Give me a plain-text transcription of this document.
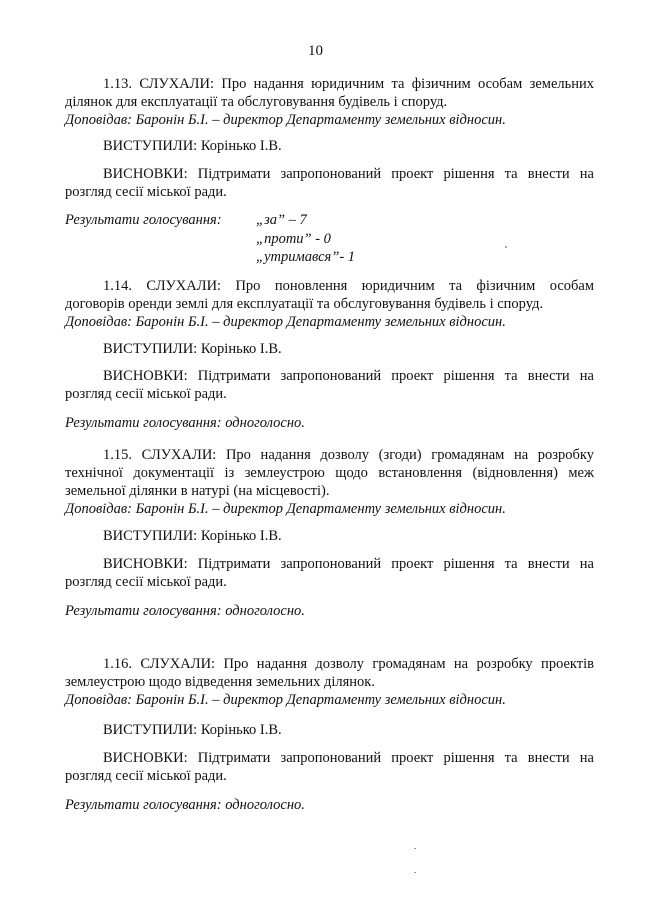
10
1.13. СЛУХАЛИ: Про надання юридичним та фізичним особам земельних
ділянок для експлуатації та обслуговування будівель і споруд.
Доповідав: Баронін Б.І. – директор Департаменту земельних відносин.
ВИСТУПИЛИ: Корінько І.В.
ВИСНОВКИ: Підтримати запропонований проект рішення та внести на
розгляд сесії міської ради.
Результати голосування: „за” – 7
„проти” - 0
„утримався”- 1
1.14. СЛУХАЛИ: Про поновлення юридичним та фізичним особам
договорів оренди землі для експлуатації та обслуговування будівель і споруд.
Доповідав: Баронін Б.І. – директор Департаменту земельних відносин.
ВИСТУПИЛИ: Корінько І.В.
ВИСНОВКИ: Підтримати запропонований проект рішення та внести на
розгляд сесії міської ради.
Результати голосування: одноголосно.
1.15. СЛУХАЛИ: Про надання дозволу (згоди) громадянам на розробку
технічної документації із землеустрою щодо встановлення (відновлення) меж
земельної ділянки в натурі (на місцевості).
Доповідав: Баронін Б.І. – директор Департаменту земельних відносин.
ВИСТУПИЛИ: Корінько І.В.
ВИСНОВКИ: Підтримати запропонований проект рішення та внести на
розгляд сесії міської ради.
Результати голосування: одноголосно.
1.16. СЛУХАЛИ: Про надання дозволу громадянам на розробку проектів
землеустрою щодо відведення земельних ділянок.
Доповідав: Баронін Б.І. – директор Департаменту земельних відносин.
ВИСТУПИЛИ: Корінько І.В.
ВИСНОВКИ: Підтримати запропонований проект рішення та внести на
розгляд сесії міської ради.
Результати голосування: одноголосно.
